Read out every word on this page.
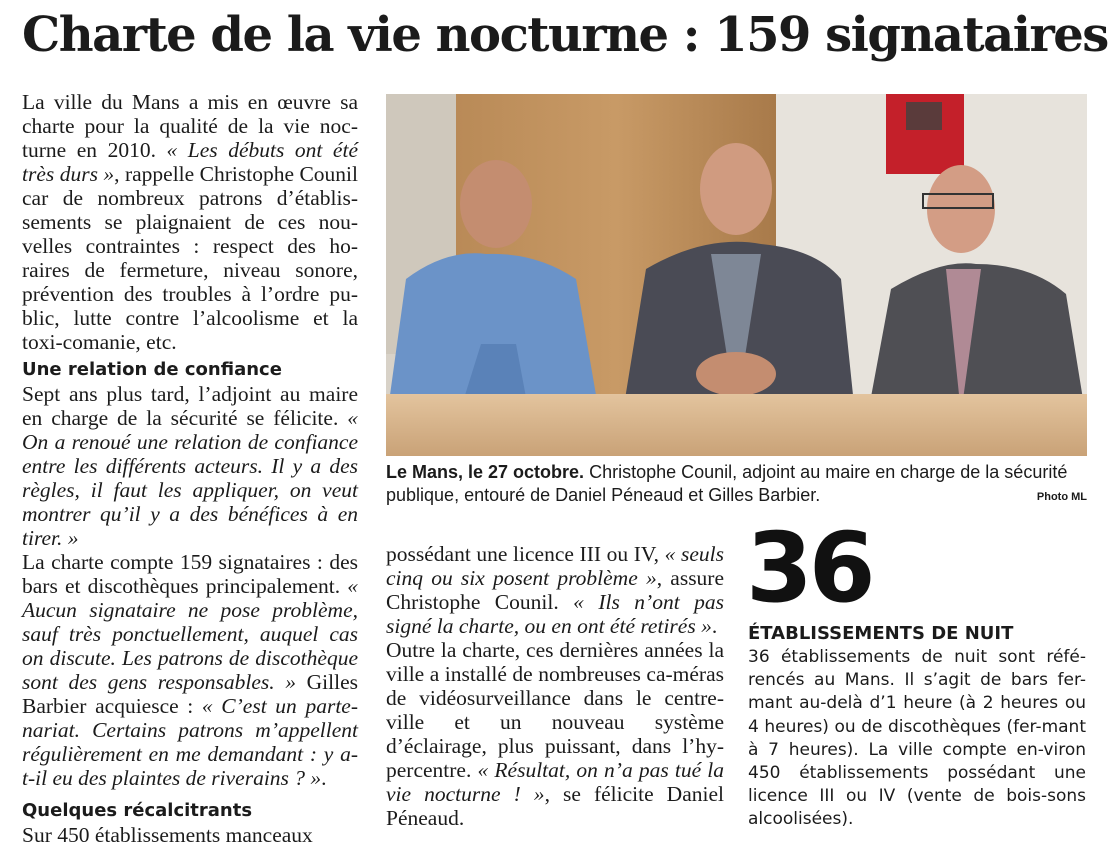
Charte de la vie nocturne : 159 signataires

La ville du Mans a mis en œuvre sa charte pour la qualité de la vie noc-turne en 2010. « Les débuts ont été très durs », rappelle Christophe Counil car de nombreux patrons d’établis-sements se plaignaient de ces nou-velles contraintes : respect des ho-raires de fermeture, niveau sonore, prévention des troubles à l’ordre pu-blic, lutte contre l’alcoolisme et la toxi-comanie, etc.

Une relation de confiance

Sept ans plus tard, l’adjoint au maire en charge de la sécurité se félicite. « On a renoué une relation de confiance entre les différents acteurs. Il y a des règles, il faut les appliquer, on veut montrer qu’il y a des bénéfices à en tirer. »

La charte compte 159 signataires : des bars et discothèques principalement. « Aucun signataire ne pose problème, sauf très ponctuellement, auquel cas on discute. Les patrons de discothèque sont des gens responsables. » Gilles Barbier acquiesce : « C’est un parte-nariat. Certains patrons m’appellent régulièrement en me demandant : y a-t-il eu des plaintes de riverains ? ».

Quelques récalcitrants

Sur 450 établissements manceaux

Le Mans, le 27 octobre. Christophe Counil, adjoint au maire en charge de la sécurité publique, entouré de Daniel Péneaud et Gilles Barbier.	Photo ML

possédant une licence III ou IV, « seuls cinq ou six posent problème », assure Christophe Counil. « Ils n’ont pas signé la charte, ou en ont été retirés ».

Outre la charte, ces dernières années la ville a installé de nombreuses ca-méras de vidéosurveillance dans le centre-ville et un nouveau système d’éclairage, plus puissant, dans l’hy-percentre. « Résultat, on n’a pas tué la vie nocturne ! », se félicite Daniel Péneaud.

36
ÉTABLISSEMENTS DE NUIT
36 établissements de nuit sont réfé-rencés au Mans. Il s’agit de bars fer-mant au-delà d’1 heure (à 2 heures ou 4 heures) ou de discothèques (fer-mant à 7 heures). La ville compte en-viron 450 établissements possédant une licence III ou IV (vente de bois-sons alcoolisées).
